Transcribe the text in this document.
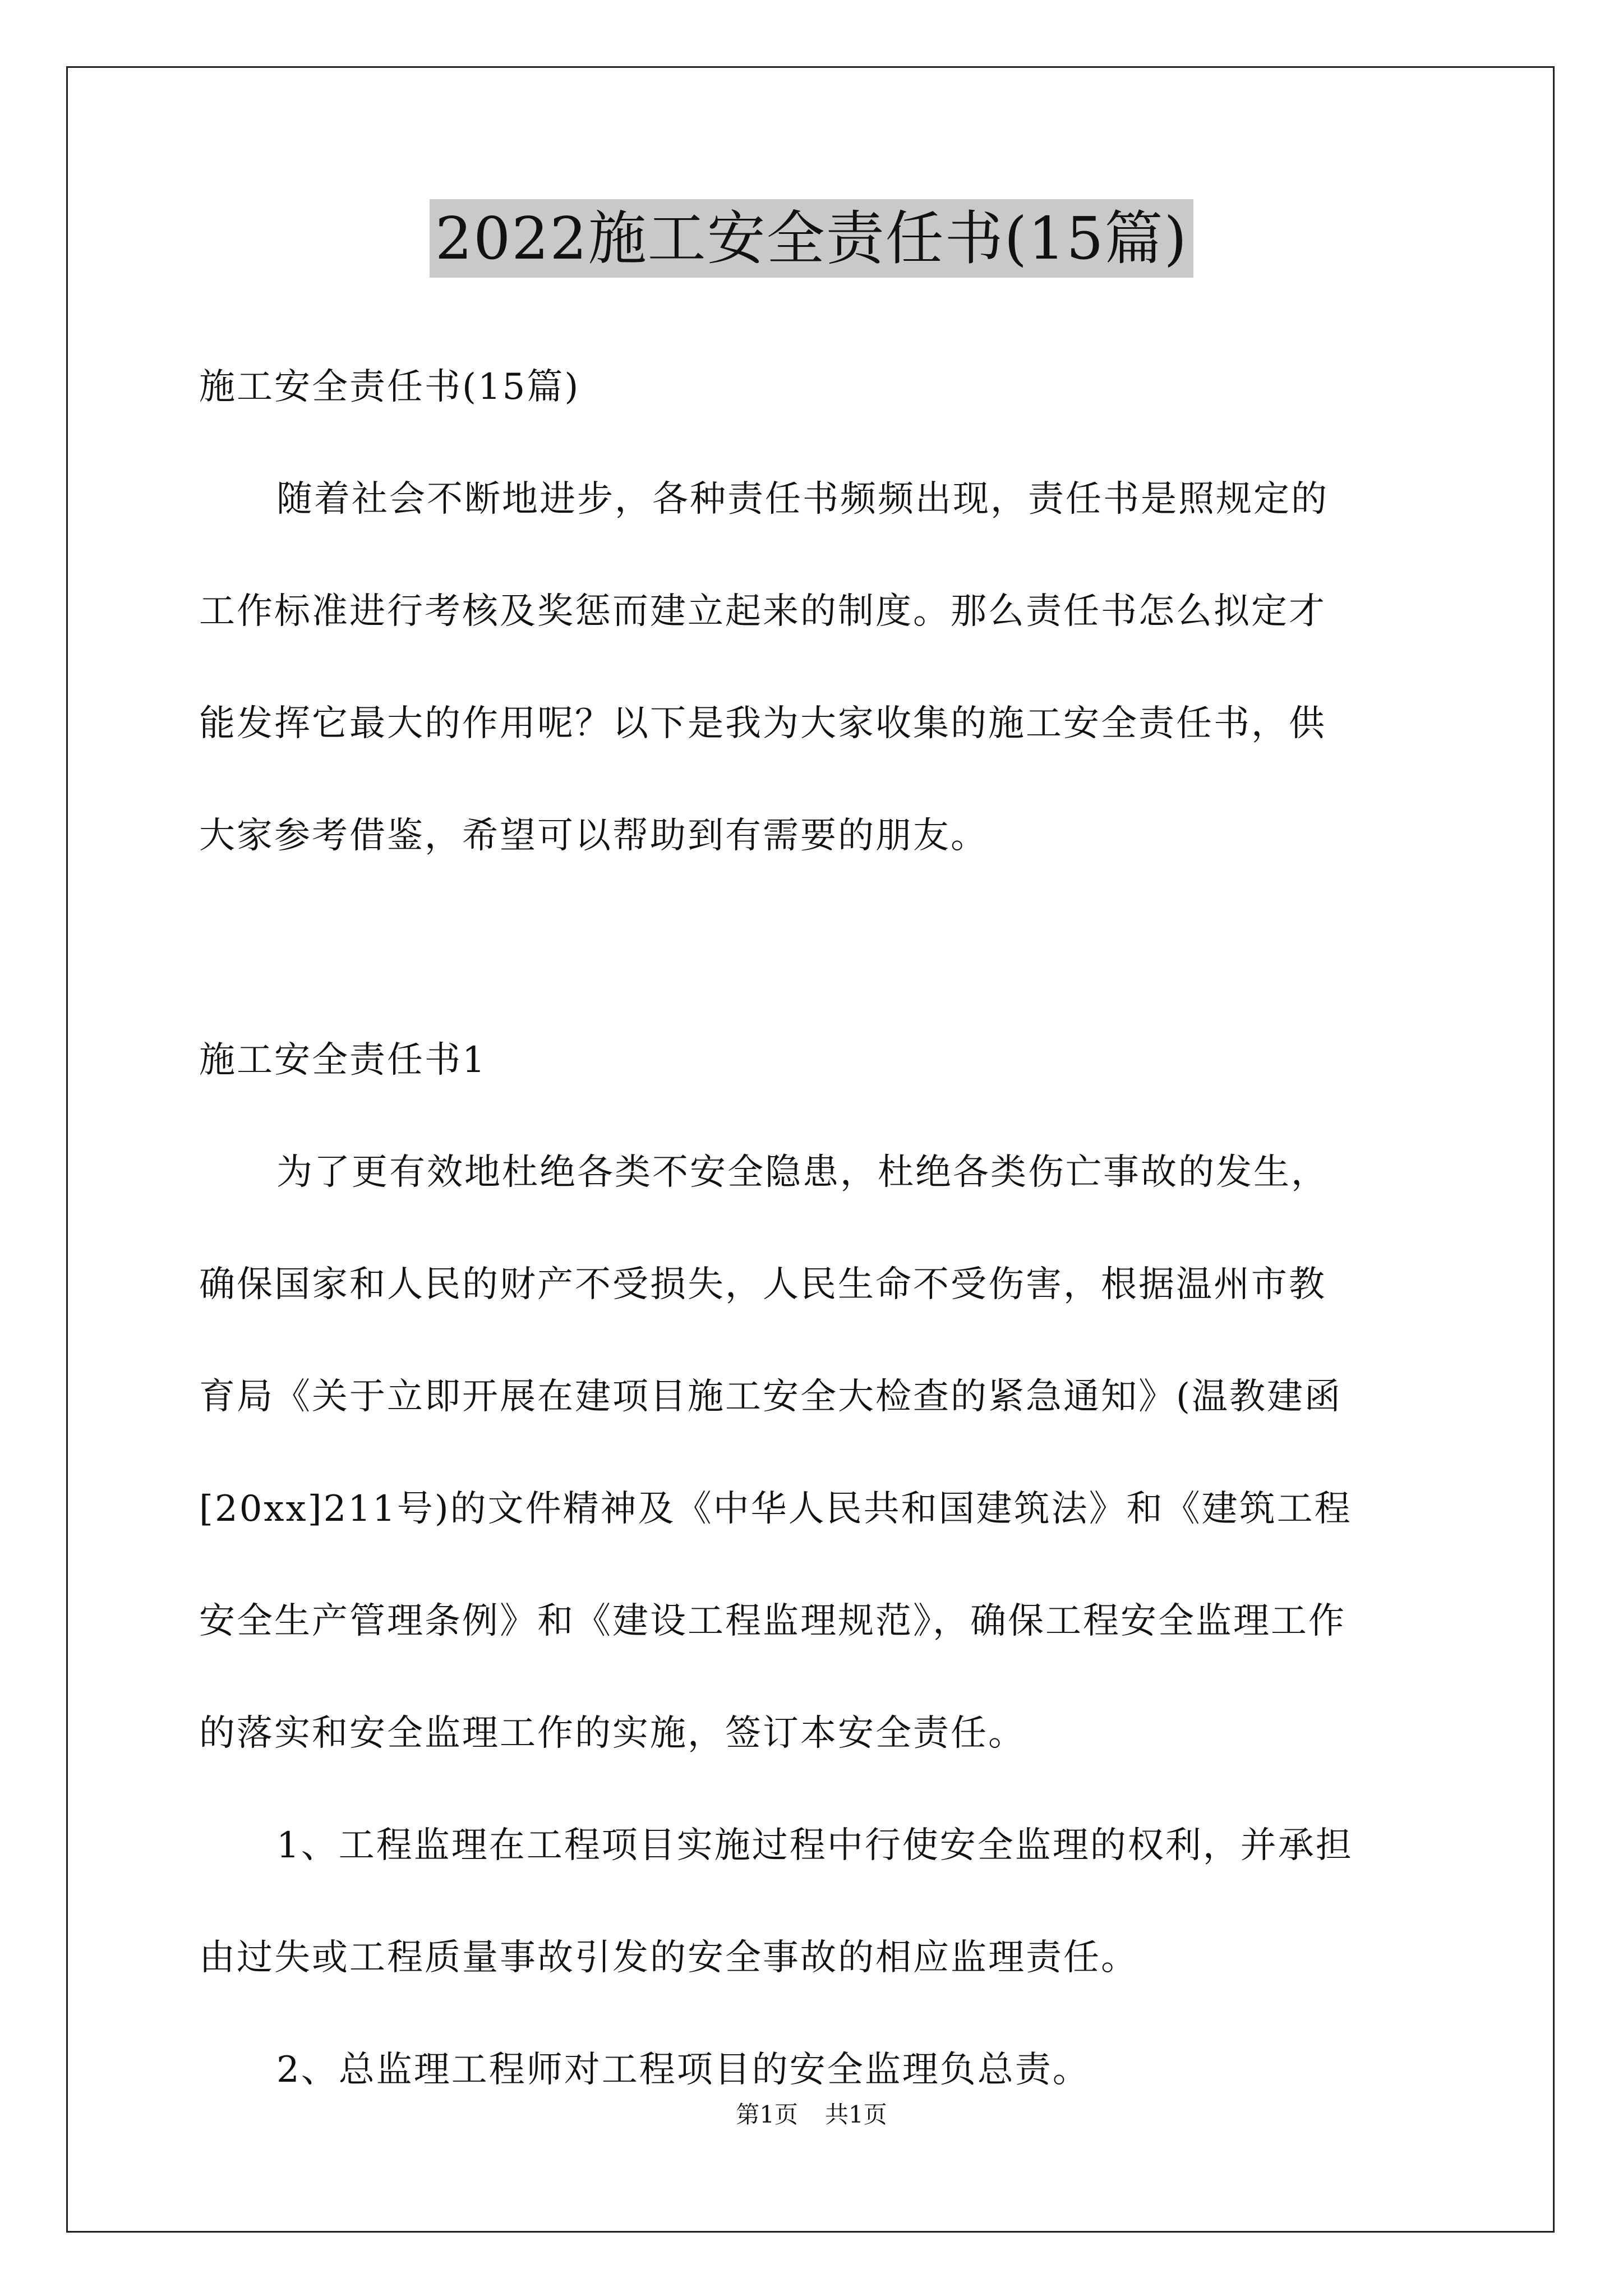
2022施工安全责任书(15篇)
施工安全责任书(15篇)
随着社会不断地进步，各种责任书频频出现，责任书是照规定的
工作标准进行考核及奖惩而建立起来的制度。那么责任书怎么拟定才
能发挥它最大的作用呢？以下是我为大家收集的施工安全责任书，供
大家参考借鉴，希望可以帮助到有需要的朋友。
施工安全责任书1
为了更有效地杜绝各类不安全隐患，杜绝各类伤亡事故的发生，
确保国家和人民的财产不受损失，人民生命不受伤害，根据温州市教
育局《关于立即开展在建项目施工安全大检查的紧急通知》(温教建函
[20xx]211号)的文件精神及《中华人民共和国建筑法》和《建筑工程
安全生产管理条例》和《建设工程监理规范》，确保工程安全监理工作
的落实和安全监理工作的实施，签订本安全责任。
1、工程监理在工程项目实施过程中行使安全监理的权利，并承担
由过失或工程质量事故引发的安全事故的相应监理责任。
2、总监理工程师对工程项目的安全监理负总责。
第1页 共1页
